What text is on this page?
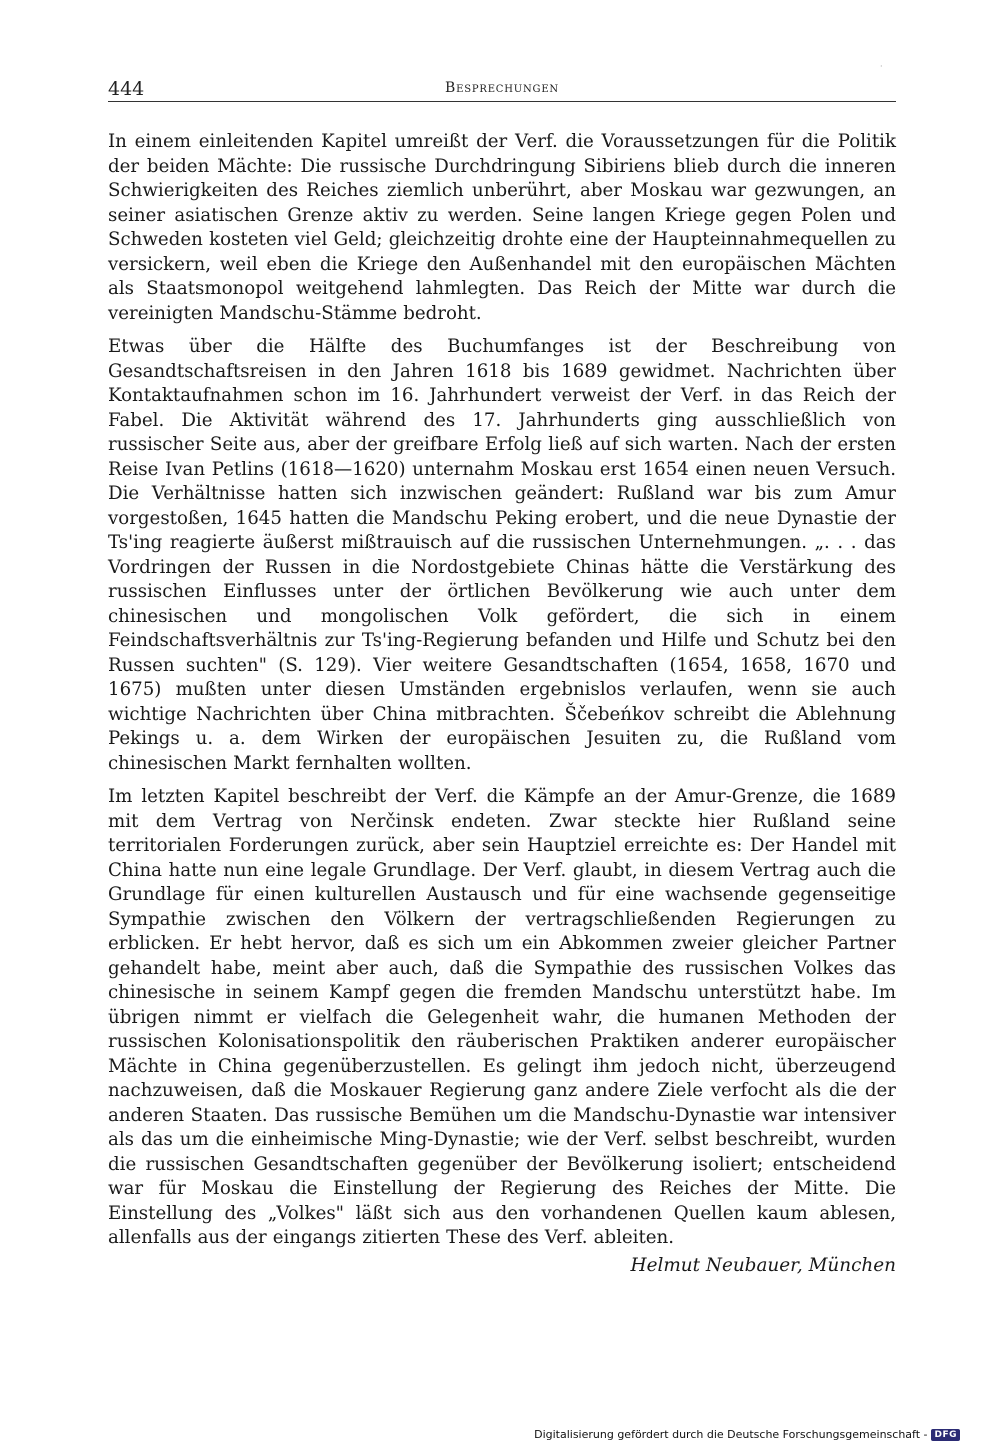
444	Besprechungen
·

In einem einleitenden Kapitel umreißt der Verf. die Voraussetzungen für die Politik der beiden Mächte: Die russische Durchdringung Sibiriens blieb durch die inneren Schwierigkeiten des Reiches ziemlich unberührt, aber Moskau war gezwungen, an seiner asiatischen Grenze aktiv zu werden. Seine langen Kriege gegen Polen und Schweden kosteten viel Geld; gleichzeitig drohte eine der Haupteinnahmequellen zu versickern, weil eben die Kriege den Außenhandel mit den europäischen Mächten als Staatsmonopol weitgehend lahmlegten. Das Reich der Mitte war durch die vereinigten Mandschu-Stämme bedroht.

Etwas über die Hälfte des Buchumfanges ist der Beschreibung von Gesandtschaftsreisen in den Jahren 1618 bis 1689 gewidmet. Nachrichten über Kontaktaufnahmen schon im 16. Jahrhundert verweist der Verf. in das Reich der Fabel. Die Aktivität während des 17. Jahrhunderts ging ausschließlich von russischer Seite aus, aber der greifbare Erfolg ließ auf sich warten. Nach der ersten Reise Ivan Petlins (1618—1620) unternahm Moskau erst 1654 einen neuen Versuch. Die Verhältnisse hatten sich inzwischen geändert: Rußland war bis zum Amur vorgestoßen, 1645 hatten die Mandschu Peking erobert, und die neue Dynastie der Ts'ing reagierte äußerst mißtrauisch auf die russischen Unternehmungen. „. . . das Vordringen der Russen in die Nordostgebiete Chinas hätte die Verstärkung des russischen Einflusses unter der örtlichen Bevölkerung wie auch unter dem chinesischen und mongolischen Volk gefördert, die sich in einem Feindschaftsverhältnis zur Ts'ing-Regierung befanden und Hilfe und Schutz bei den Russen suchten" (S. 129). Vier weitere Gesandtschaften (1654, 1658, 1670 und 1675) mußten unter diesen Umständen ergebnislos verlaufen, wenn sie auch wichtige Nachrichten über China mitbrachten. Ščebeńkov schreibt die Ablehnung Pekings u. a. dem Wirken der europäischen Jesuiten zu, die Rußland vom chinesischen Markt fernhalten wollten.

Im letzten Kapitel beschreibt der Verf. die Kämpfe an der Amur-Grenze, die 1689 mit dem Vertrag von Nerčinsk endeten. Zwar steckte hier Rußland seine territorialen Forderungen zurück, aber sein Hauptziel erreichte es: Der Handel mit China hatte nun eine legale Grundlage. Der Verf. glaubt, in diesem Vertrag auch die Grundlage für einen kulturellen Austausch und für eine wachsende gegenseitige Sympathie zwischen den Völkern der vertragschließenden Regierungen zu erblicken. Er hebt hervor, daß es sich um ein Abkommen zweier gleicher Partner gehandelt habe, meint aber auch, daß die Sympathie des russischen Volkes das chinesische in seinem Kampf gegen die fremden Mandschu unterstützt habe. Im übrigen nimmt er vielfach die Gelegenheit wahr, die humanen Methoden der russischen Kolonisationspolitik den räuberischen Praktiken anderer europäischer Mächte in China gegenüberzustellen. Es gelingt ihm jedoch nicht, überzeugend nachzuweisen, daß die Moskauer Regierung ganz andere Ziele verfocht als die der anderen Staaten. Das russische Bemühen um die Mandschu-Dynastie war intensiver als das um die einheimische Ming-Dynastie; wie der Verf. selbst beschreibt, wurden die russischen Gesandtschaften gegenüber der Bevölkerung isoliert; entscheidend war für Moskau die Einstellung der Regierung des Reiches der Mitte. Die Einstellung des „Volkes" läßt sich aus den vorhandenen Quellen kaum ablesen, allenfalls aus der eingangs zitierten These des Verf. ableiten.

Helmut Neubauer, München
Digitalisierung gefördert durch die Deutsche Forschungsgemeinschaft - DFG
